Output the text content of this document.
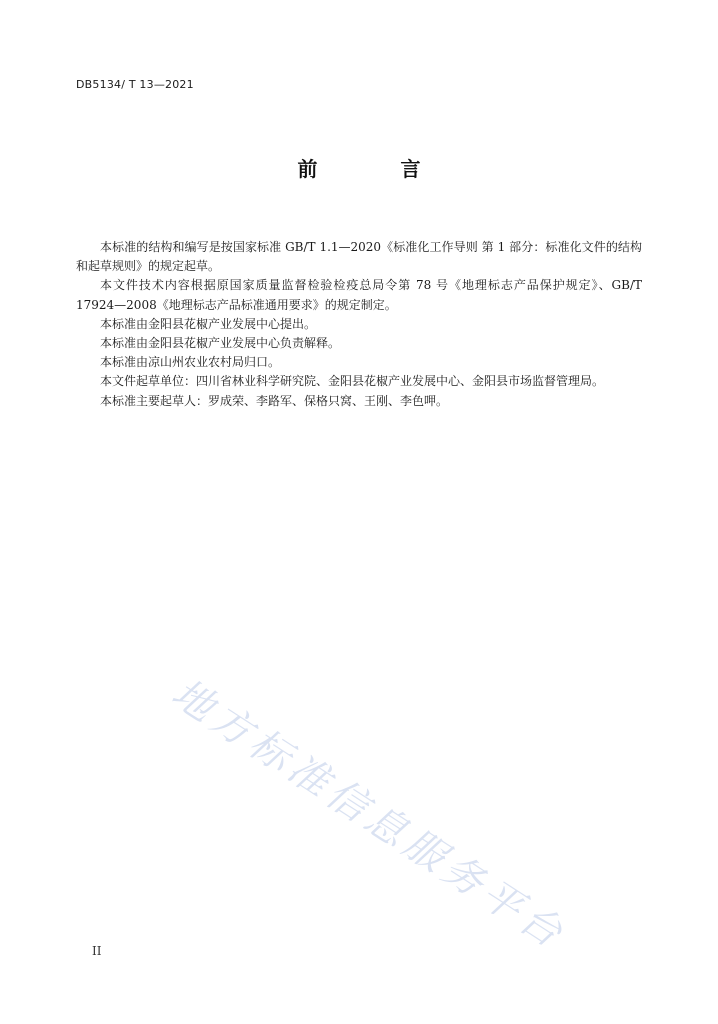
DB5134/ T 13—2021
前 言

本标准的结构和编写是按国家标准 GB/T 1.1—2020《标准化工作导则 第 1 部分：标准化文件的结构和起草规则》的规定起草。

本文件技术内容根据原国家质量监督检验检疫总局令第 78 号《地理标志产品保护规定》、GB/T 17924—2008《地理标志产品标准通用要求》的规定制定。

本标准由金阳县花椒产业发展中心提出。

本标准由金阳县花椒产业发展中心负责解释。

本标准由凉山州农业农村局归口。

本文件起草单位：四川省林业科学研究院、金阳县花椒产业发展中心、金阳县市场监督管理局。

本标准主要起草人：罗成荣、李路军、保格只窝、王刚、李色呷。

地方标准信息服务平台
II
